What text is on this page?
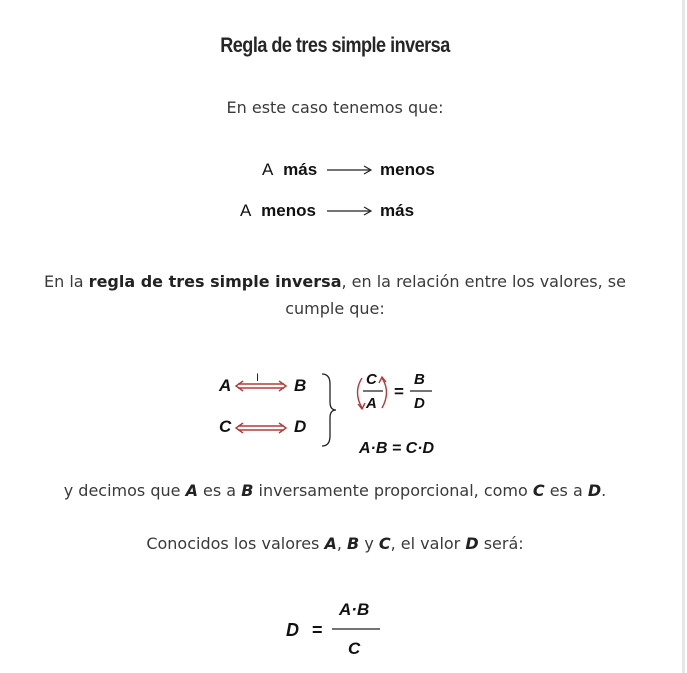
Regla de tres simple inversa
En este caso tenemos que:
A más	menos
A menos	más
En la regla de tres simple inversa, en la relación entre los valores, se cumple que:
A I B
C	D
C
A
=
B
D
A·B = C·D
y decimos que A es a B inversamente proporcional, como C es a D.
Conocidos los valores A, B y C, el valor D será:
D =
A·B
C
